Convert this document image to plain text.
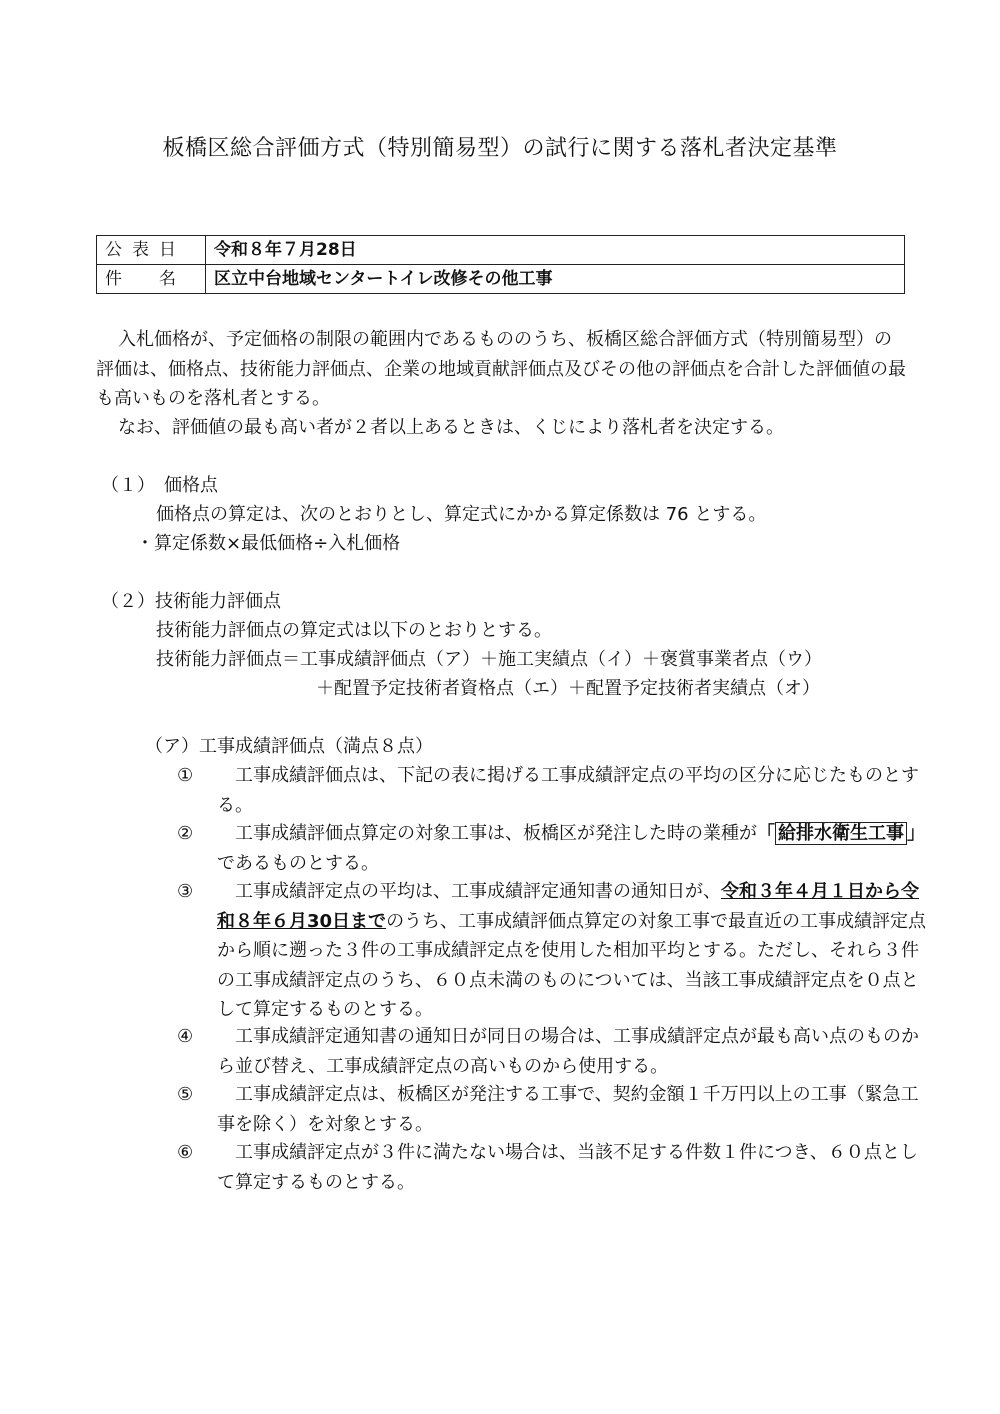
板橋区総合評価方式（特別簡易型）の試行に関する落札者決定基準
公表日	令和８年７月28日
件　名	区立中台地域センタートイレ改修その他工事

入札価格が、予定価格の制限の範囲内であるもののうち、板橋区総合評価方式（特別簡易型）の評価は、価格点、技術能力評価点、企業の地域貢献評価点及びその他の評価点を合計した評価値の最も高いものを落札者とする。

なお、評価値の最も高い者が２者以上あるときは、くじにより落札者を決定する。

（１）　価格点

価格点の算定は、次のとおりとし、算定式にかかる算定係数は 76 とする。

・算定係数×最低価格÷入札価格

（２）技術能力評価点

技術能力評価点の算定式は以下のとおりとする。

技術能力評価点＝工事成績評価点（ア）＋施工実績点（イ）＋褒賞事業者点（ウ）

＋配置予定技術者資格点（エ）＋配置予定技術者実績点（オ）

（ア）工事成績評価点（満点８点）

① 工事成績評価点は、下記の表に掲げる工事成績評定点の平均の区分に応じたものとする。

② 工事成績評価点算定の対象工事は、板橋区が発注した時の業種が「 給排水衛生工事 」であるものとする。

③ 工事成績評定点の平均は、工事成績評定通知書の通知日が、令和３年４月１日から令和８年６月30日までのうち、工事成績評価点算定の対象工事で最直近の工事成績評定点から順に遡った３件の工事成績評定点を使用した相加平均とする。ただし、それら３件の工事成績評定点のうち、６０点未満のものについては、当該工事成績評定点を０点として算定するものとする。

④ 工事成績評定通知書の通知日が同日の場合は、工事成績評定点が最も高い点のものから並び替え、工事成績評定点の高いものから使用する。

⑤ 工事成績評定点は、板橋区が発注する工事で、契約金額１千万円以上の工事（緊急工事を除く）を対象とする。

⑥ 工事成績評定点が３件に満たない場合は、当該不足する件数１件につき、６０点として算定するものとする。
